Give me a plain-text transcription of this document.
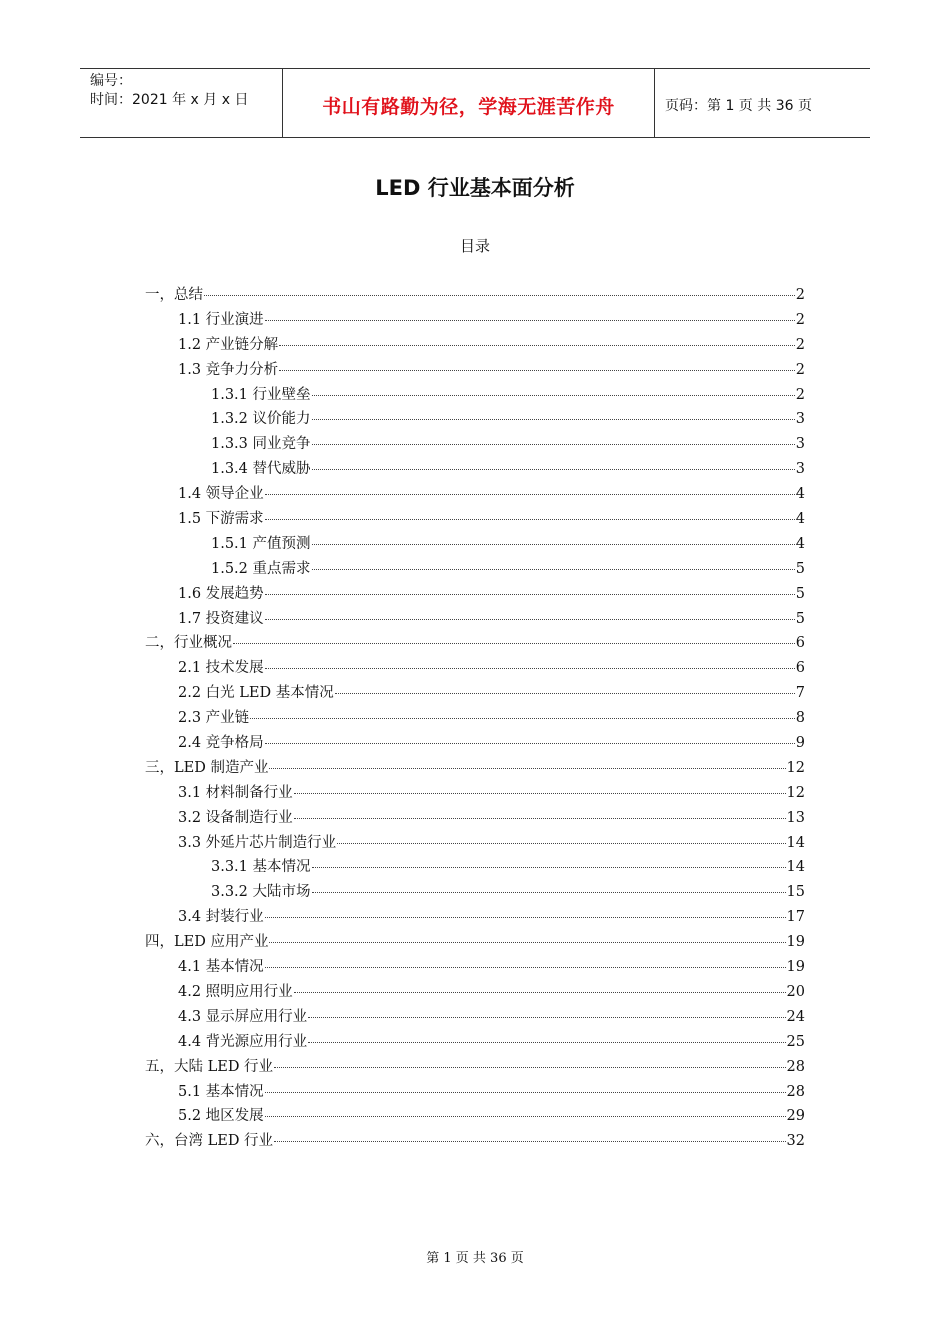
编号：
时间：2021 年 x 月 x 日	书山有路勤为径，学海无涯苦作舟	页码：第 1 页 共 36 页
LED 行业基本面分析
目录
一，总结	2
1.1 行业演进	2
1.2 产业链分解	2
1.3 竞争力分析	2
1.3.1 行业壁垒	2
1.3.2 议价能力	3
1.3.3 同业竞争	3
1.3.4 替代威胁	3
1.4 领导企业	4
1.5 下游需求	4
1.5.1 产值预测	4
1.5.2 重点需求	5
1.6 发展趋势	5
1.7 投资建议	5
二，行业概况	6
2.1 技术发展	6
2.2 白光 LED 基本情况	7
2.3 产业链	8
2.4 竞争格局	9
三，LED 制造产业	12
3.1 材料制备行业	12
3.2 设备制造行业	13
3.3 外延片芯片制造行业	14
3.3.1 基本情况	14
3.3.2 大陆市场	15
3.4 封装行业	17
四，LED 应用产业	19
4.1 基本情况	19
4.2 照明应用行业	20
4.3 显示屏应用行业	24
4.4 背光源应用行业	25
五，大陆 LED 行业	28
5.1 基本情况	28
5.2 地区发展	29
六，台湾 LED 行业	32
第 1 页 共 36 页
